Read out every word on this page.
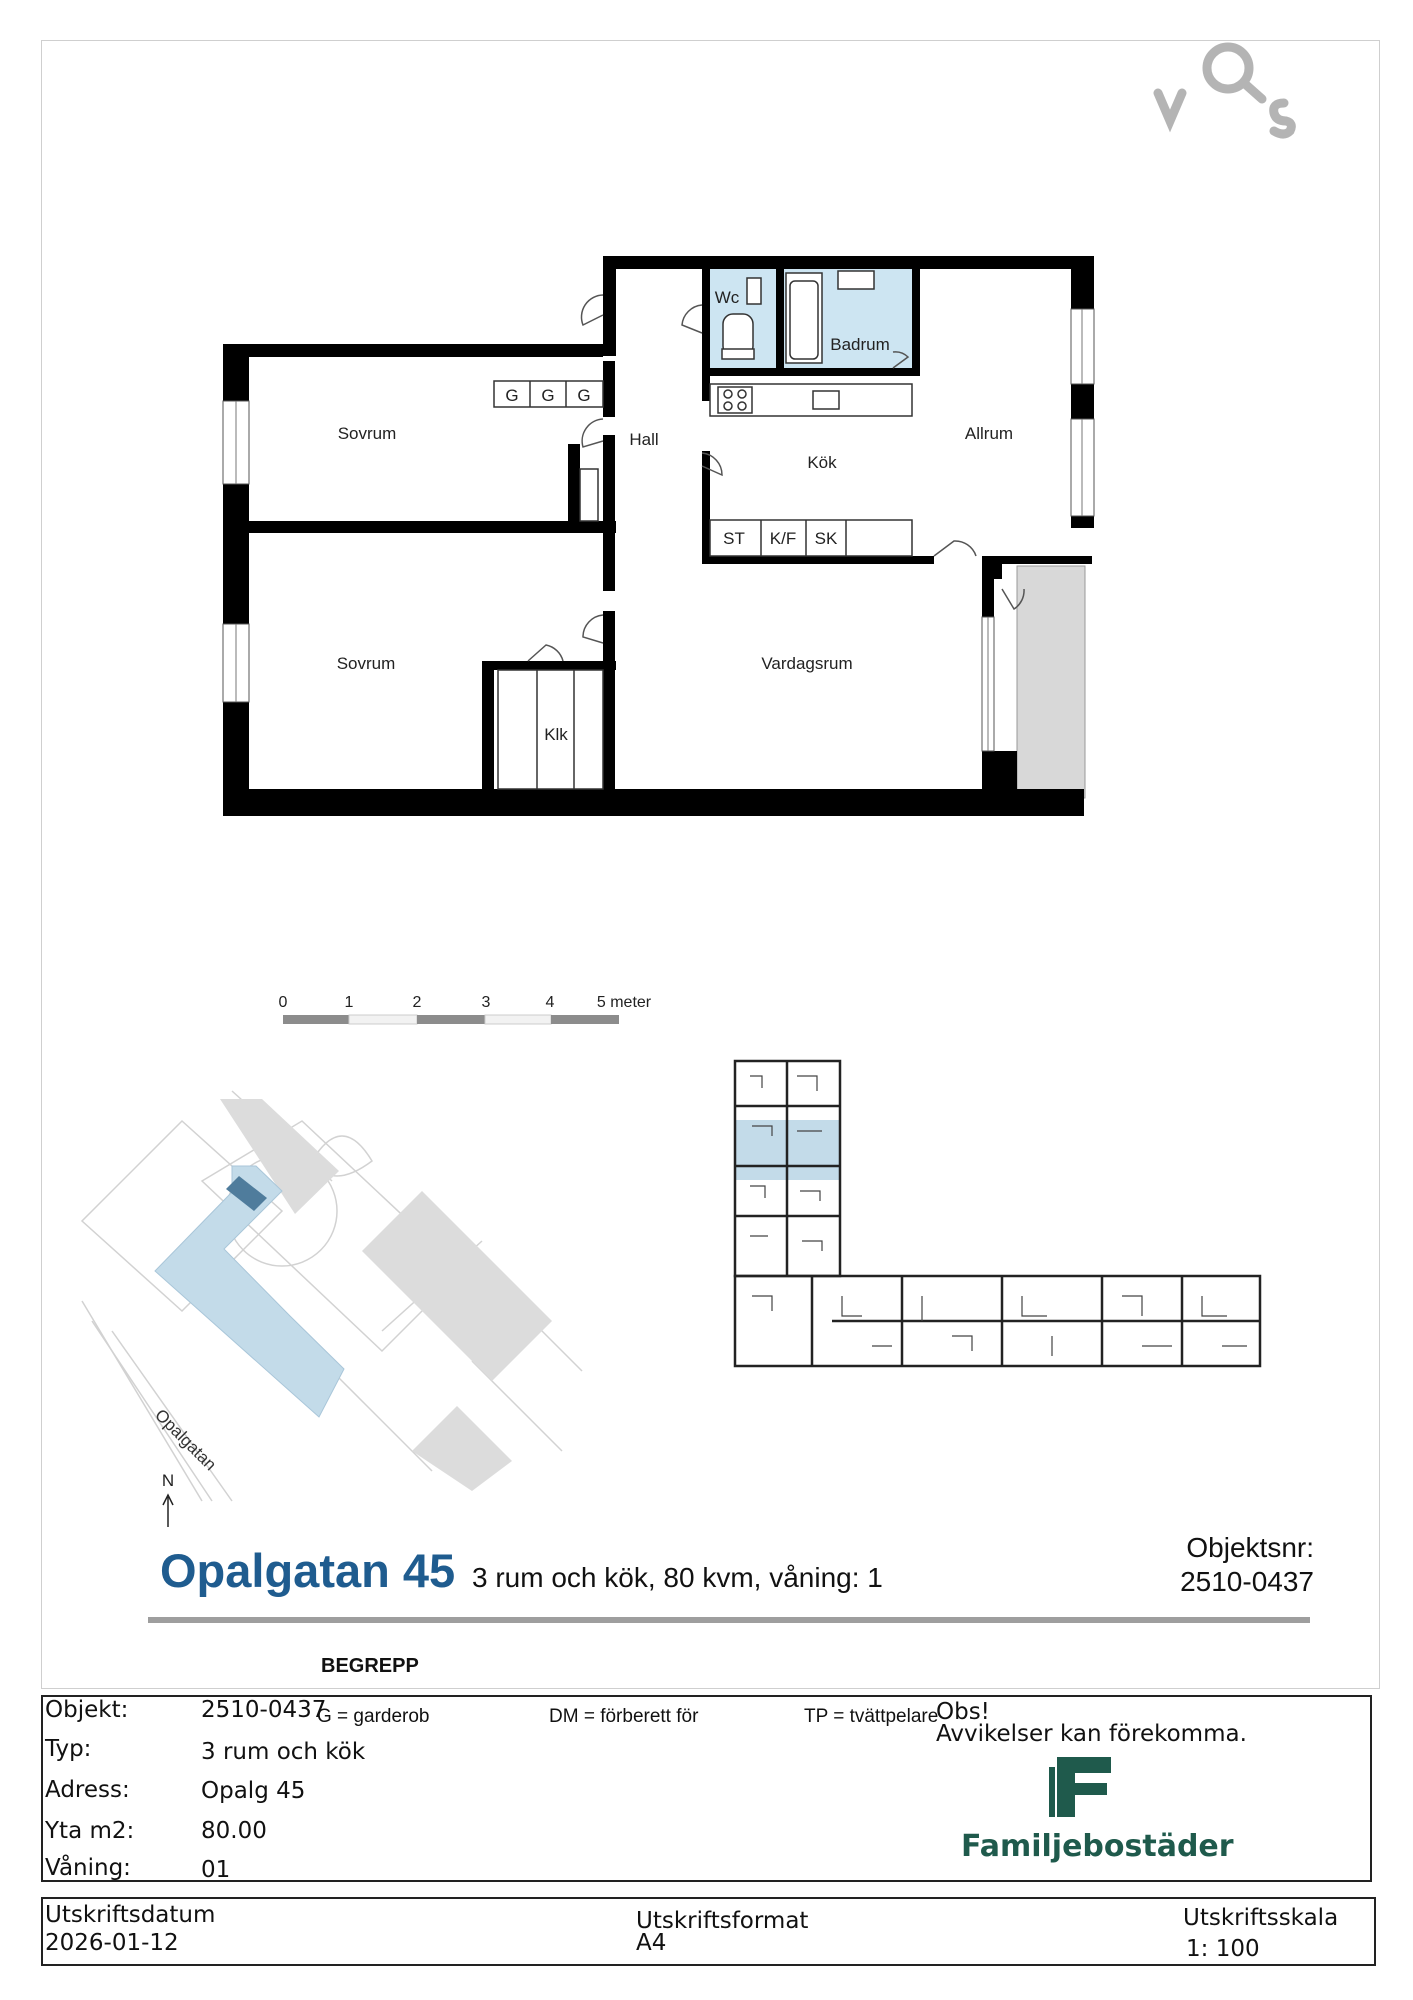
Wc
Badrum
Allrum
Sovrum	Hall
Kök
Sovrum	Vardagsrum
Klk
G G G
ST K/F SK
0	1	2	3	4	5 meter
Opalgatan
N
Opalgatan 45 3 rum och kök, 80 kvm, våning: 1
Objektsnr:
2510-0437
BEGREPP
G = garderob	DM = förberett för	TP = tvättpelare
Objekt:	2510-0437
Typ:	3 rum och kök
Adress:	Opalg 45
Yta m2:	80.00
Våning:	01
Obs!
Avvikelser kan förekomma.
Familjebostäder
Utskriftsdatum
2026-01-12
Utskriftsformat
A4
Utskriftsskala
1: 100
